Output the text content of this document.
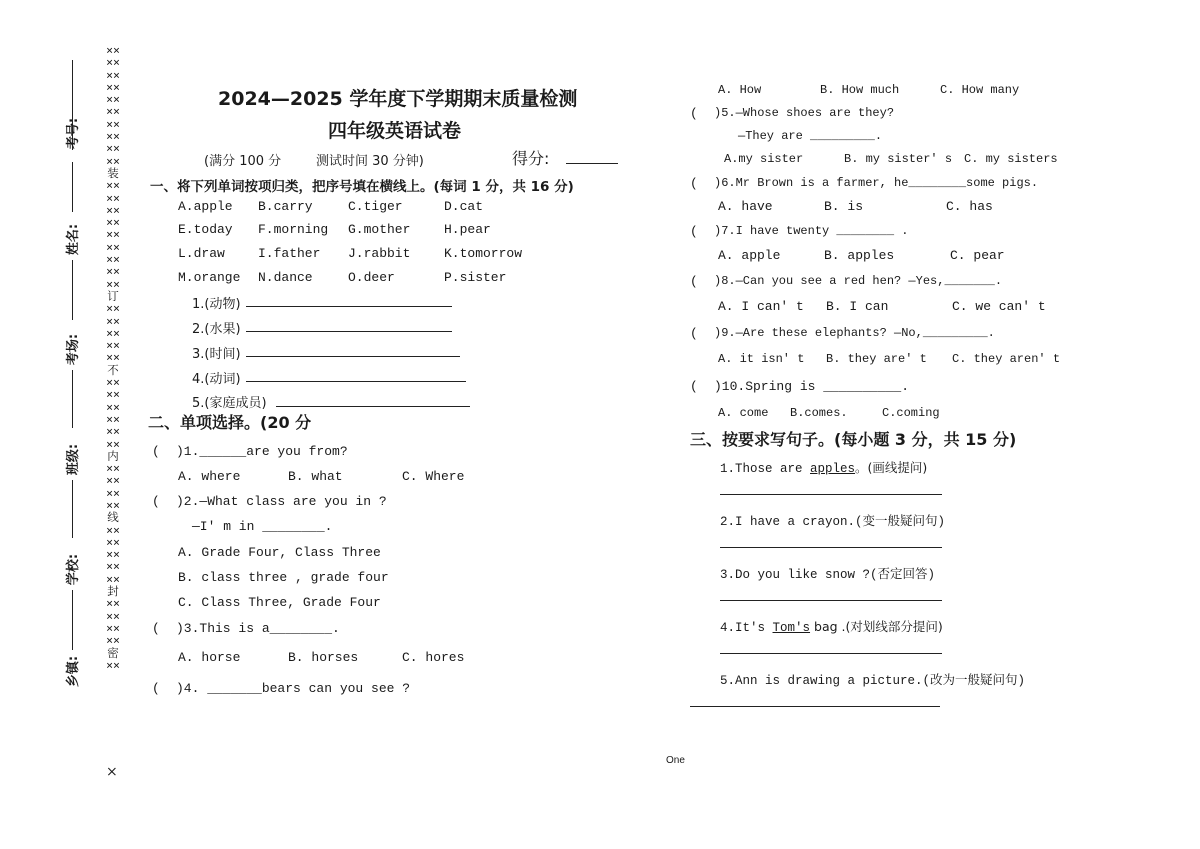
考号:
姓名:
考场:
班级:
学校:
乡镇:
××××××××××××××××××××装××××××××××××××××××订××××××××××不××××××××××××内××××××××线××××××××××封××××××××密××
×
2024—2025 学年度下学期期末质量检测
四年级英语试卷
(满分 100 分	测试时间 30 分钟)	得分:
一、将下列单词按项归类，把序号填在横线上。(每词 1 分，共 16 分)
A.apple B.carry	C.tiger	D.cat
E.today F.morning G.mother	H.pear
L.draw	I.father J.rabbit	K.tomorrow
M.orange N.dance	O.deer	P.sister
1.(动物)
2.(水果)
3.(时间)
4.(动词)
5.(家庭成员)
二、单项选择。(20 分
( )1.______are you from?
A. where	B. what	C. Where
( )2.—What class are you in ?
—I' m in ________.
A. Grade Four, Class Three
B. class three , grade four
C. Class Three, Grade Four
( )3.This is a________.
A. horse	B. horses	C. hores
( )4. _______bears can you see ?
A. How	B. How much	C. How many
( )5.—Whose shoes are they?
—They are _________.
A.my sister	B. my sister' s C. my sisters
( )6.Mr Brown is a farmer, he________some pigs.
A. have	B. is	C. has
( )7.I have twenty ________ .
A. apple	B. apples	C. pear
( )8.—Can you see a red hen? —Yes,_______.
A. I can' t B. I can	C. we can' t
( )9.—Are these elephants? —No,_________.
A. it isn' t B. they are' t C. they aren' t
( )10.Spring is __________.
A. come B.comes.	C.coming
三、按要求写句子。(每小题 3 分，共 15 分)
1.Those are apples。(画线提问)
2.I have a crayon.(变一般疑问句)
3.Do you like snow ?(否定回答)
4.It's Tom's bag .(对划线部分提问)
5.Ann is drawing a picture.(改为一般疑问句)
One
